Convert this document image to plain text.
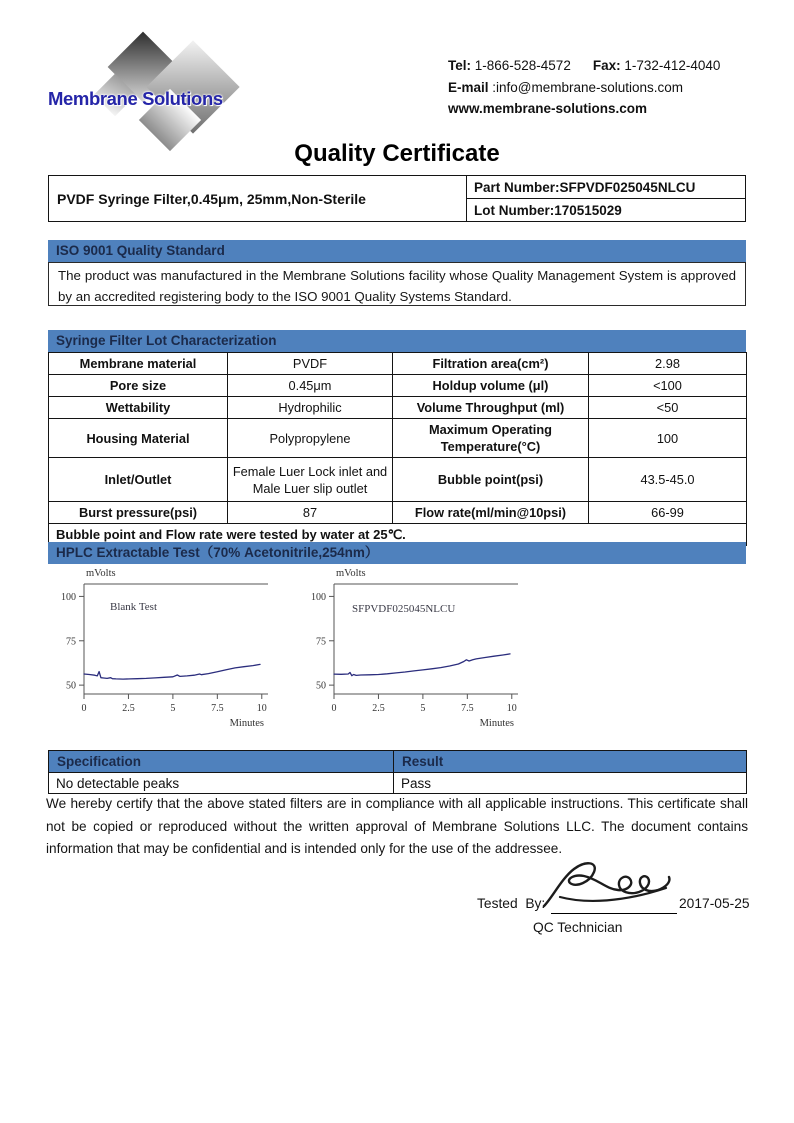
Membrane Solutions
Tel: 1-866-528-4572 Fax: 1-732-412-4040
E-mail :info@membrane-solutions.com
www.membrane-solutions.com
Quality Certificate
PVDF Syringe Filter,0.45μm, 25mm,Non-Sterile	Part Number:SFPVDF025045NLCU
Lot Number:170515029
ISO 9001 Quality Standard
The product was manufactured in the Membrane Solutions facility whose Quality Management System is approved by an accredited registering body to the ISO 9001 Quality Systems Standard.
Syringe Filter Lot Characterization
Membrane material	PVDF	Filtration area(cm²)	2.98
Pore size	0.45μm	Holdup volume (μl)	<100
Wettability	Hydrophilic	Volume Throughput (ml)	<50
Housing Material	Polypropylene	Maximum Operating Temperature(°C)	100
Inlet/Outlet	Female Luer Lock inlet and Male Luer slip outlet	Bubble point(psi)	43.5-45.0
Burst pressure(psi)	87	Flow rate(ml/min@10psi)	66-99
Bubble point and Flow rate were tested by water at 25℃.			
HPLC Extractable Test（70% Acetonitrile,254nm）
50
75
100
0	2.5	5	7.5	10
mVolts
Minutes
Blank Test
50
75
100
0	2.5	5	7.5	10
mVolts
Minutes
SFPVDF025045NLCU
Specification	Result
No detectable peaks	Pass
We hereby certify that the above stated filters are in compliance with all applicable instructions. This certificate shall not be copied or reproduced without the written approval of Membrane Solutions LLC. The document contains information that may be confidential and is intended only for the use of the addressee.
Tested  By:	2017-05-25
QC Technician
